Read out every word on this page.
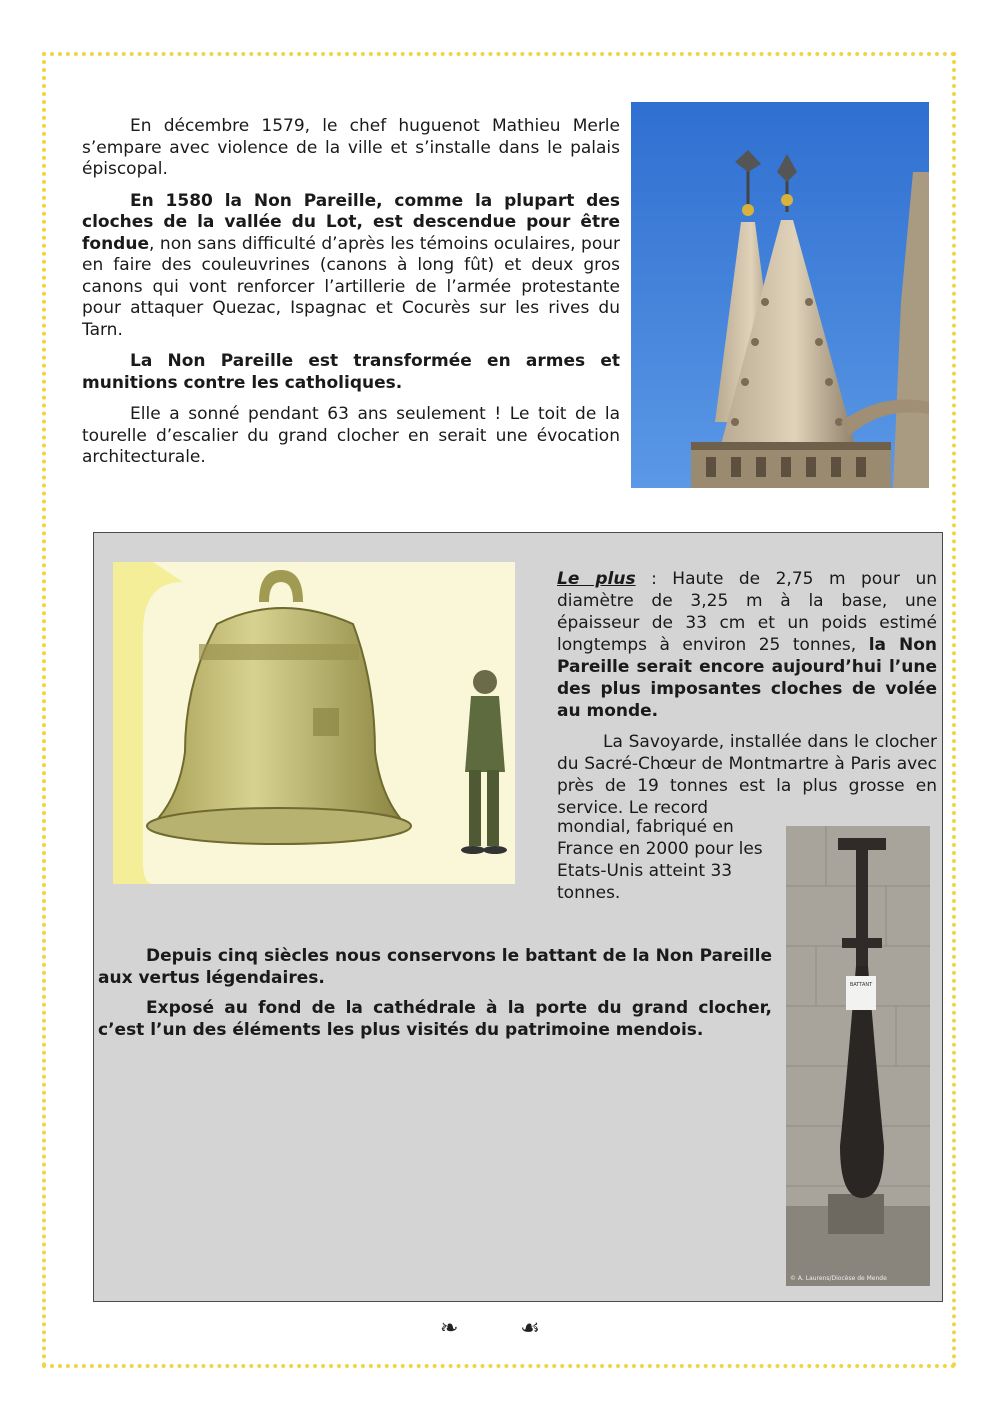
En décembre 1579, le chef huguenot Mathieu Merle s’empare avec violence de la ville et s’installe dans le palais épiscopal.

En 1580 la Non Pareille, comme la plupart des cloches de la vallée du Lot, est descendue pour être fondue, non sans difficulté d’après les témoins oculaires, pour en faire des couleuvrines (canons à long fût) et deux gros canons qui vont renforcer l’artillerie de l’armée protestante pour attaquer Quezac, Ispagnac et Cocurès sur les rives du Tarn.

La Non Pareille est transformée en armes et munitions contre les catholiques.

Elle a sonné pendant 63 ans seulement ! Le toit de la tourelle d’escalier du grand clocher en serait une évocation architecturale.

Le plus : Haute de 2,75 m pour un diamètre de 3,25 m à la base, une épaisseur de 33 cm et un poids estimé longtemps à environ 25 tonnes, la Non Pareille serait encore aujourd’hui l’une des plus imposantes cloches de volée au monde.

La Savoyarde, installée dans le clocher du Sacré-Chœur de Montmartre à Paris avec près de 19 tonnes est la plus grosse en service. Le record

mondial, fabriqué en France en 2000 pour les Etats-Unis atteint 33 tonnes.
BATTANT
© A. Laurens/Diocèse de Mende

Depuis cinq siècles nous conservons le battant de la Non Pareille aux vertus légendaires.

Exposé au fond de la cathédrale à la porte du grand clocher, c’est l’un des éléments les plus visités du patrimoine mendois.

❧	☙
